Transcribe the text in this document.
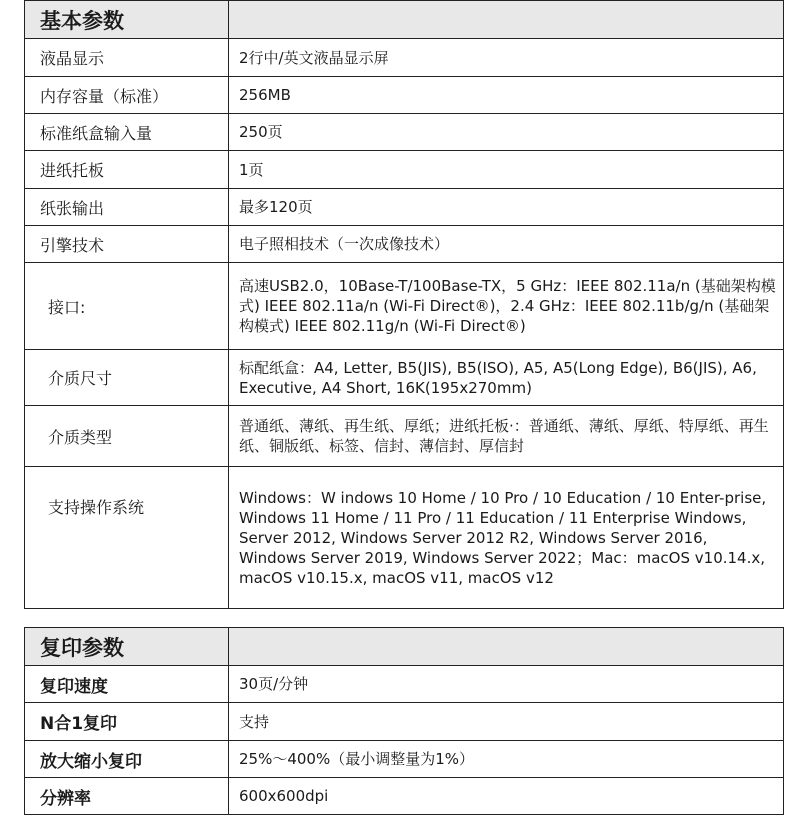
基本参数	
液晶显示	2行中/英文液晶显示屏
内存容量（标准）	256MB
标准纸盒输入量	250页
进纸托板	1页
纸张输出	最多120页
引擎技术	电子照相技术（一次成像技术）
接口:	高速USB2.0，10Base-T/100Base-TX，5 GHz：IEEE 802.11a/n (基础架构模式) IEEE 802.11a/n (Wi-Fi Direct®)，2.4 GHz：IEEE 802.11b/g/n (基础架构模式) IEEE 802.11g/n (Wi-Fi Direct®)
介质尺寸	标配纸盒：A4, Letter, B5(JIS), B5(ISO), A5, A5(Long Edge), B6(JIS), A6, Executive, A4 Short, 16K(195x270mm)
介质类型	普通纸、薄纸、再生纸、厚纸；进纸托板·：普通纸、薄纸、厚纸、特厚纸、再生纸、铜版纸、标签、信封、薄信封、厚信封
支持操作系统	Windows：W indows 10 Home / 10 Pro / 10 Education / 10 Enter-prise, Windows 11 Home / 11 Pro / 11 Education / 11 Enterprise Windows, Server 2012, Windows Server 2012 R2, Windows Server 2016, Windows Server 2019, Windows Server 2022；Mac：macOS v10.14.x, macOS v10.15.x, macOS v11, macOS v12
复印参数	
复印速度	30页/分钟
N合1复印	支持
放大缩小复印	25%～400%（最小调整量为1%）
分辨率	600x600dpi
